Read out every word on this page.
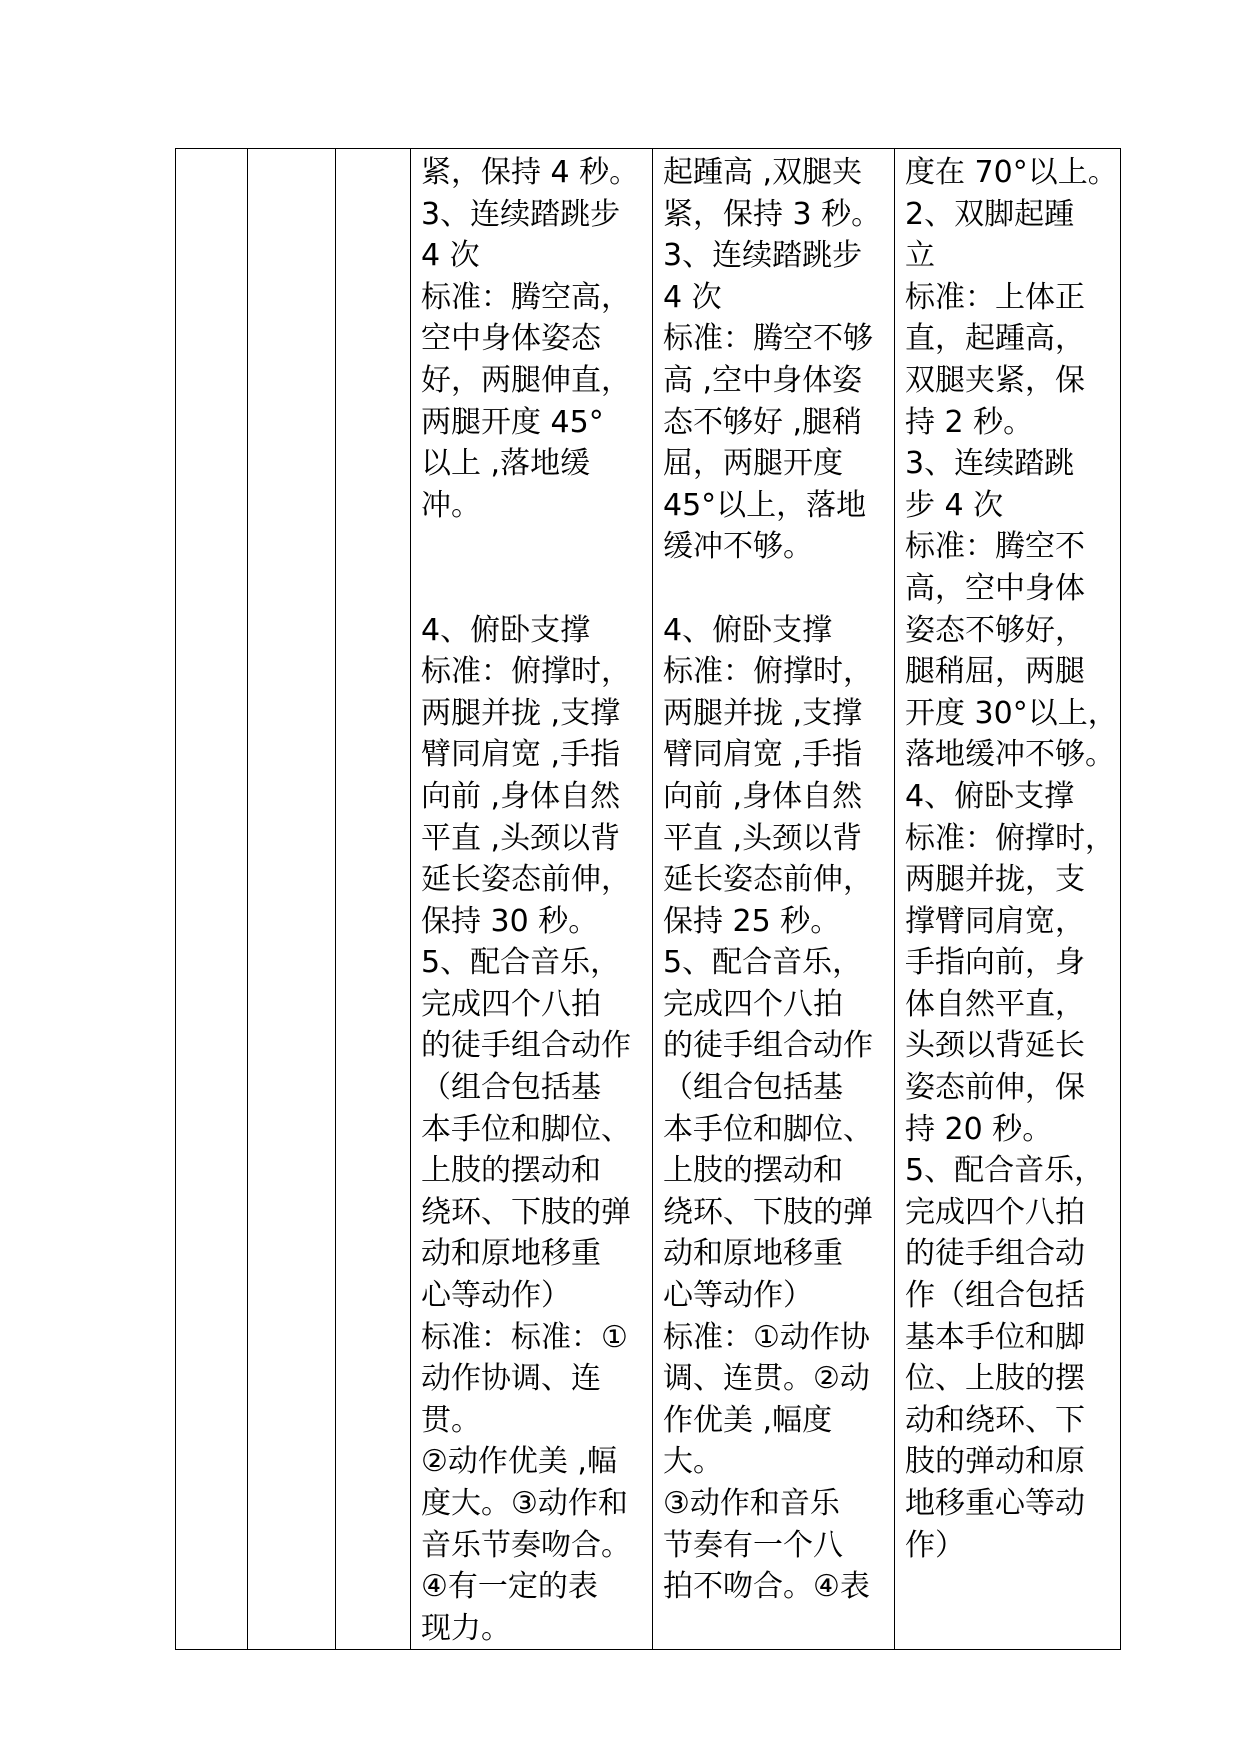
紧，保持 4 秒。
3、连续踏跳步
4 次
标准：腾空高，
空中身体姿态
好，两腿伸直，
两腿开度 45°
以上 ,落地缓冲。

4、俯卧支撑
标准：俯撑时，
两腿并拢 ,支撑
臂同肩宽 ,手指
向前 ,身体自然
平直 ,头颈以背
延长姿态前伸，
保持 30 秒。
5、配合音乐，
完成四个八拍
的徒手组合动作
（组合包括基
本手位和脚位、
上肢的摆动和
绕环、下肢的弹
动和原地移重
心等动作）
标准：标准：①
动作协调、连贯。
②动作优美 ,幅
度大。③动作和
音乐节奏吻合。
④有一定的表
现力。

起踵高 ,双腿夹
紧，保持 3 秒。
3、连续踏跳步
4 次
标准：腾空不够
高 ,空中身体姿
态不够好 ,腿稍
屈，两腿开度
45°以上，落地
缓冲不够。

4、俯卧支撑
标准：俯撑时，
两腿并拢 ,支撑
臂同肩宽 ,手指
向前 ,身体自然
平直 ,头颈以背
延长姿态前伸，
保持 25 秒。
5、配合音乐，
完成四个八拍
的徒手组合动作
（组合包括基
本手位和脚位、
上肢的摆动和
绕环、下肢的弹
动和原地移重
心等动作）
标准：①动作协
调、连贯。②动
作优美 ,幅度大。
③动作和音乐
节奏有一个八
拍不吻合。④表

度在 70°以上。
2、双脚起踵
立
标准：上体正
直，起踵高，
双腿夹紧，保
持 2 秒。
3、连续踏跳
步 4 次
标准：腾空不
高，空中身体
姿态不够好，
腿稍屈，两腿
开度 30°以上，
落地缓冲不够。
4、俯卧支撑
标准：俯撑时，
两腿并拢，支
撑臂同肩宽，
手指向前，身
体自然平直，
头颈以背延长
姿态前伸，保
持 20 秒。
5、配合音乐，
完成四个八拍
的徒手组合动
作（组合包括
基本手位和脚
位、上肢的摆
动和绕环、下
肢的弹动和原
地移重心等动
作）
